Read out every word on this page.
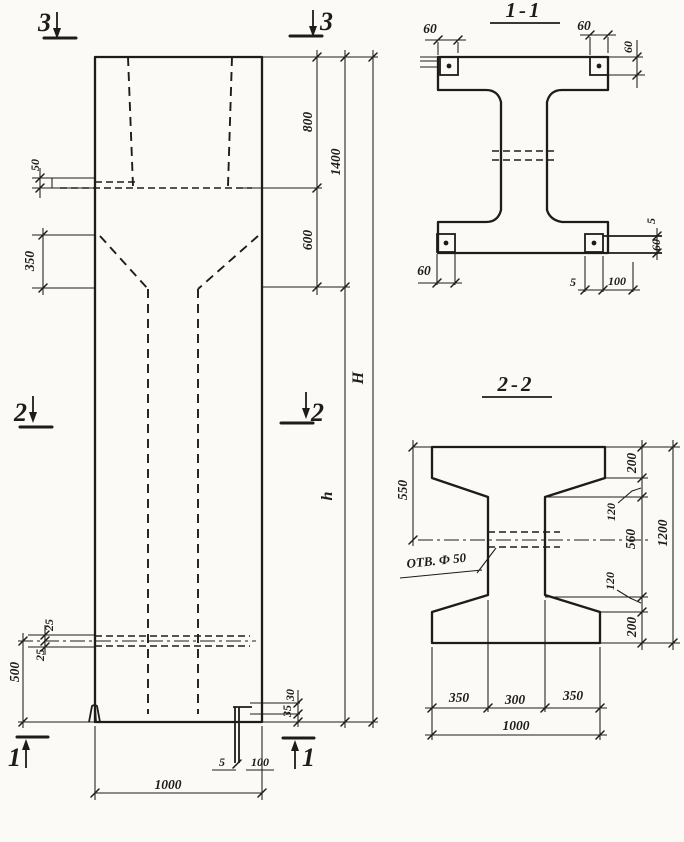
3	3
2	2
1	1
50
350
800
1400
600
H
h
25
25
500
30
35
5 100
1000
1-1
60	60
60
60
5	100
5
60
2-2
ОТВ. Ф 50
550
200
120
560
120
200
1200
350	300	350
1000
